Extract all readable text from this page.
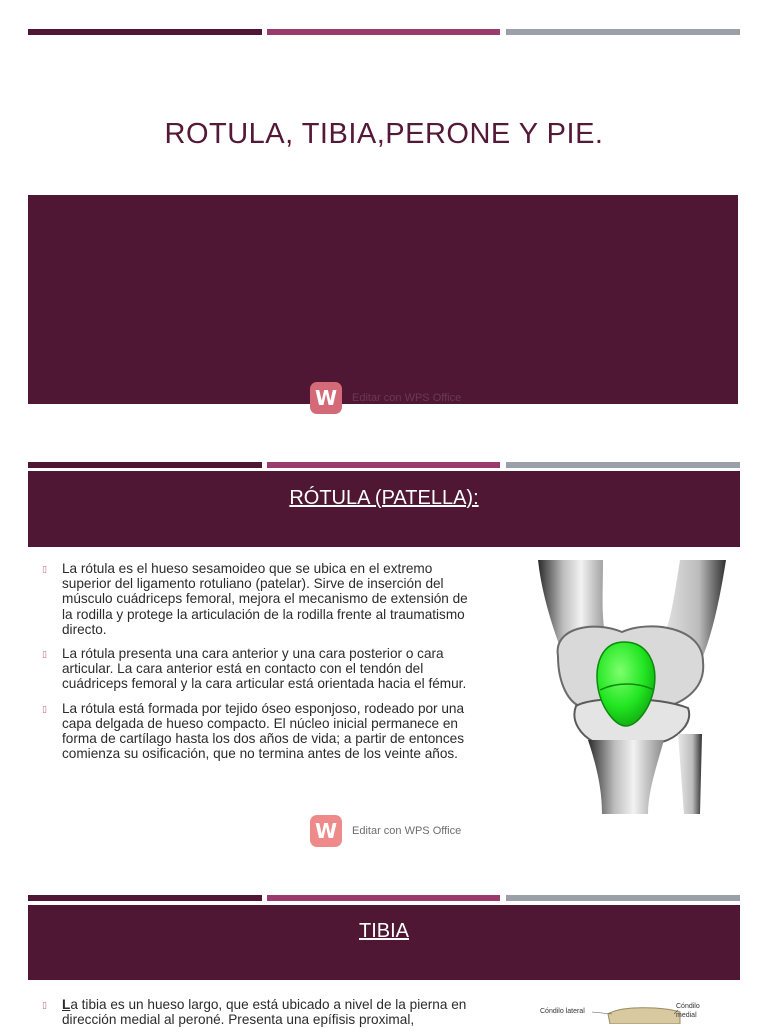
ROTULA, TIBIA,PERONE Y PIE.
W	Editar con WPS Office
RÓTULA (PATELLA):
▯ La rótula es el hueso sesamoideo que se ubica en el extremo superior del ligamento rotuliano (patelar). Sirve de inserción del músculo cuádriceps femoral, mejora el mecanismo de extensión de la rodilla y protege la articulación de la rodilla frente al traumatismo directo.
▯ La rótula presenta una cara anterior y una cara posterior o cara articular. La cara anterior está en contacto con el tendón del cuádriceps femoral y la cara articular está orientada hacia el fémur.
▯ La rótula está formada por tejido óseo esponjoso, rodeado por una capa delgada de hueso compacto. El núcleo inicial permanece en forma de cartílago hasta los dos años de vida; a partir de entonces comienza su osificación, que no termina antes de los veinte años.
W	Editar con WPS Office
TIBIA
▯ La tibia es un hueso largo, que está ubicado a nivel de la pierna en dirección medial al peroné. Presenta una epífisis proximal,
Cóndilo lateral
Cóndilo
medial
